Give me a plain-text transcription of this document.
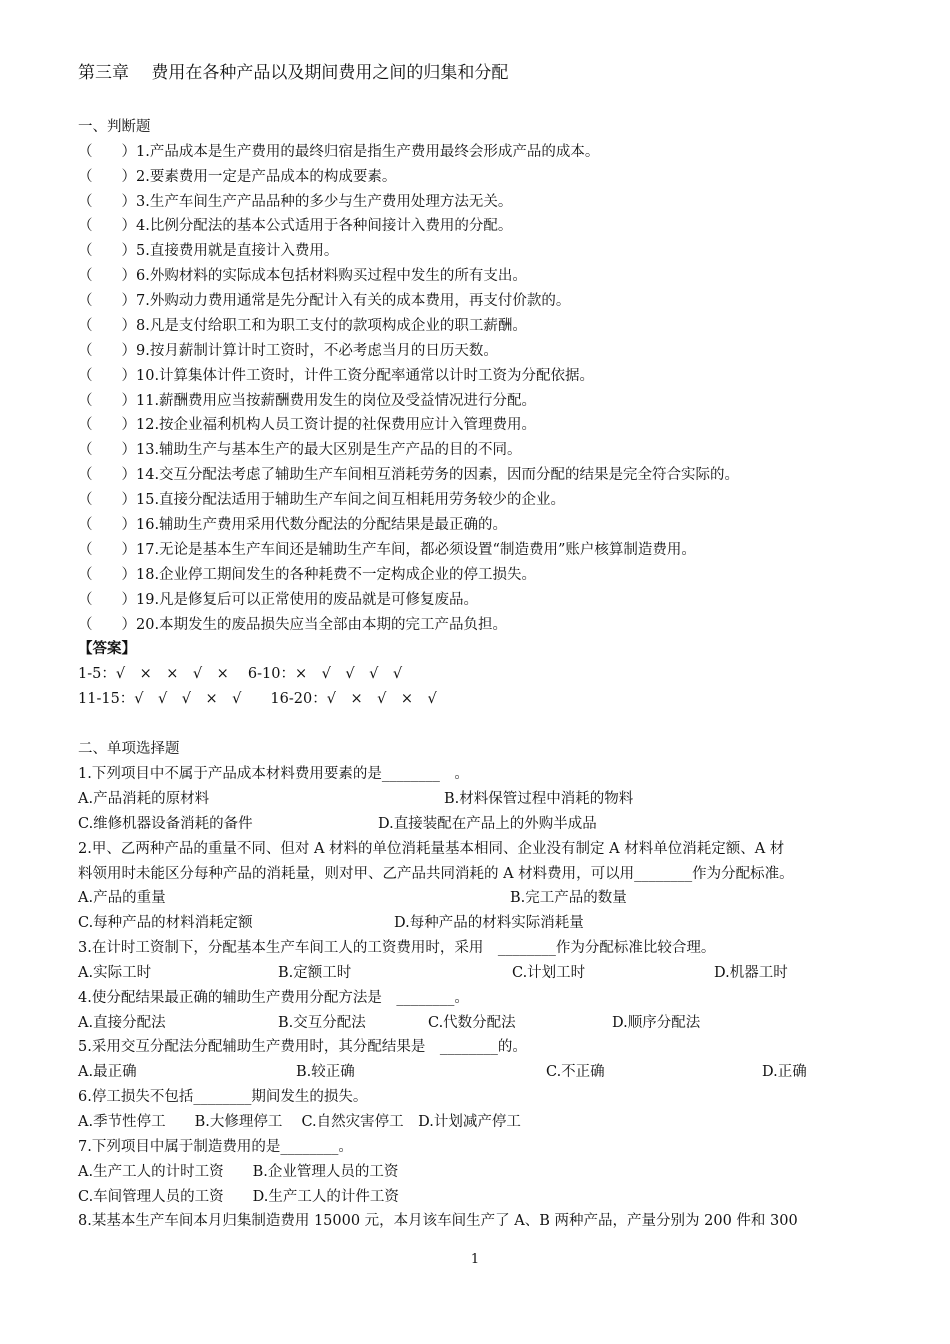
第三章　 费用在各种产品以及期间费用之间的归集和分配
一、判断题
（　　）1.产品成本是生产费用的最终归宿是指生产费用最终会形成产品的成本。
（　　）2.要素费用一定是产品成本的构成要素。
（　　）3.生产车间生产产品品种的多少与生产费用处理方法无关。
（　　）4.比例分配法的基本公式适用于各种间接计入费用的分配。
（　　）5.直接费用就是直接计入费用。
（　　）6.外购材料的实际成本包括材料购买过程中发生的所有支出。
（　　）7.外购动力费用通常是先分配计入有关的成本费用，再支付价款的。
（　　）8.凡是支付给职工和为职工支付的款项构成企业的职工薪酬。
（　　）9.按月薪制计算计时工资时，不必考虑当月的日历天数。
（　　）10.计算集体计件工资时，计件工资分配率通常以计时工资为分配依据。
（　　）11.薪酬费用应当按薪酬费用发生的岗位及受益情况进行分配。
（　　）12.按企业福利机构人员工资计提的社保费用应计入管理费用。
（　　）13.辅助生产与基本生产的最大区别是生产产品的目的不同。
（　　）14.交互分配法考虑了辅助生产车间相互消耗劳务的因素，因而分配的结果是完全符合实际的。
（　　）15.直接分配法适用于辅助生产车间之间互相耗用劳务较少的企业。
（　　）16.辅助生产费用采用代数分配法的分配结果是最正确的。
（　　）17.无论是基本生产车间还是辅助生产车间，都必须设置“制造费用”账户核算制造费用。
（　　）18.企业停工期间发生的各种耗费不一定构成企业的停工损失。
（　　）19.凡是修复后可以正常使用的废品就是可修复废品。
（　　）20.本期发生的废品损失应当全部由本期的完工产品负担。
【答案】
1-5：√　×　×　√　×　 6-10：×　√　√　√　√
11-15：√　√　√　×　√　　16-20：√　×　√　×　√
二、单项选择题
1.下列项目中不属于产品成本材料费用要素的是________　。
A.产品消耗的原材料	B.材料保管过程中消耗的物料
C.维修机器设备消耗的备件	D.直接装配在产品上的外购半成品
2.甲、乙两种产品的重量不同、但对 A 材料的单位消耗量基本相同、企业没有制定 A 材料单位消耗定额、A 材
料领用时未能区分每种产品的消耗量，则对甲、乙产品共同消耗的 A 材料费用，可以用________作为分配标准。
A.产品的重量	B.完工产品的数量
C.每种产品的材料消耗定额	D.每种产品的材料实际消耗量
3.在计时工资制下，分配基本生产车间工人的工资费用时，采用　________作为分配标准比较合理。
A.实际工时	B.定额工时	C.计划工时	D.机器工时
4.使分配结果最正确的辅助生产费用分配方法是　________。
A.直接分配法	B.交互分配法	C.代数分配法	D.顺序分配法
5.采用交互分配法分配辅助生产费用时，其分配结果是　________的。
A.最正确	B.较正确	C.不正确	D.正确
6.停工损失不包括________期间发生的损失。
A.季节性停工　　B.大修理停工　 C.自然灾害停工　D.计划减产停工
7.下列项目中属于制造费用的是________。
A.生产工人的计时工资　　B.企业管理人员的工资
C.车间管理人员的工资　　D.生产工人的计件工资
8.某基本生产车间本月归集制造费用 15000 元，本月该车间生产了 A、B 两种产品，产量分别为 200 件和 300
1
